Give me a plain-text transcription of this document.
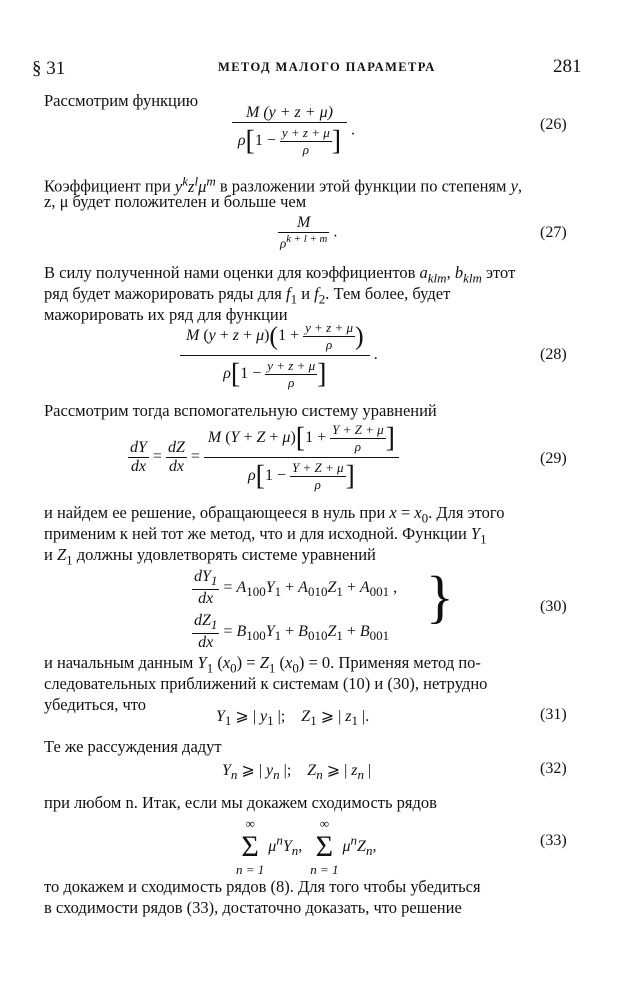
§ 31	МЕТОД МАЛОГО ПАРАМЕТРА	281
Рассмотрим функцию
$\frac{M (y + z + \mu)}{\rho[1 - \frac{y + z + \mu}{\rho} ]}$ .	(26)
Коэффициент при $y^kz^l\mu^m$ в разложении этой функции по степеням y,
z, μ будет положителен и больше чем
$\frac{M}{\rho^{k + l + m}}$ .	(27)
В силу полученной нами оценки для коэффициентов $a_{klm}$, $b_{klm}$ этот
ряд будет мажорировать ряды для $f_1$ и $f_2$. Тем более, будет
мажорировать их ряд для функции
$\frac{M (y + z + \mu)(1 + \frac{y + z + \mu}{\rho} )}{\rho[1 - \frac{y + z + \mu}{\rho} ]}$ .	(28)
Рассмотрим тогда вспомогательную систему уравнений
$\frac{dY}{dx} = \frac{dZ}{dx} = \frac{M (Y + Z + \mu)[1 + \frac{Y + Z + \mu}{\rho} ]}{\rho[1 - \frac{Y + Z + \mu}{\rho} ]}$	(29)
и найдем ее решение, обращающееся в нуль при $x = x_0$. Для этого
применим к ней тот же метод, что и для исходной. Функции $Y_1$
и $Z_1$ должны удовлетворять системе уравнений
$\frac{dY_1}{dx} = A_{100}Y_1 + A_{010}Z_1 + A_{001}$ ,
$\frac{dZ_1}{dx} = B_{100}Y_1 + B_{010}Z_1 + B_{001}$
}	(30)
и начальным данным $Y_1$ $(x_0) = Z_1$ $(x_0) = 0$. Применяя метод по-
следовательных приближений к системам (10) и (30), нетрудно
убедиться, что
$Y_1$ ⩾ | $y_1$ |;    $Z_1$ ⩾ | $z_1$ |.	(31)
Те же рассуждения дадут
$Y_n$ ⩾ | $y_n$ |;    $Z_n$ ⩾ | $z_n$ |	(32)
при любом n. Итак, если мы докажем сходимость рядов
∞
Σ
n = 1
$\mu^nY_n$,
∞
Σ
n = 1
$\mu^nZ_n$,	(33)
то докажем и сходимость рядов (8). Для того чтобы убедиться
в сходимости рядов (33), достаточно доказать, что решение
